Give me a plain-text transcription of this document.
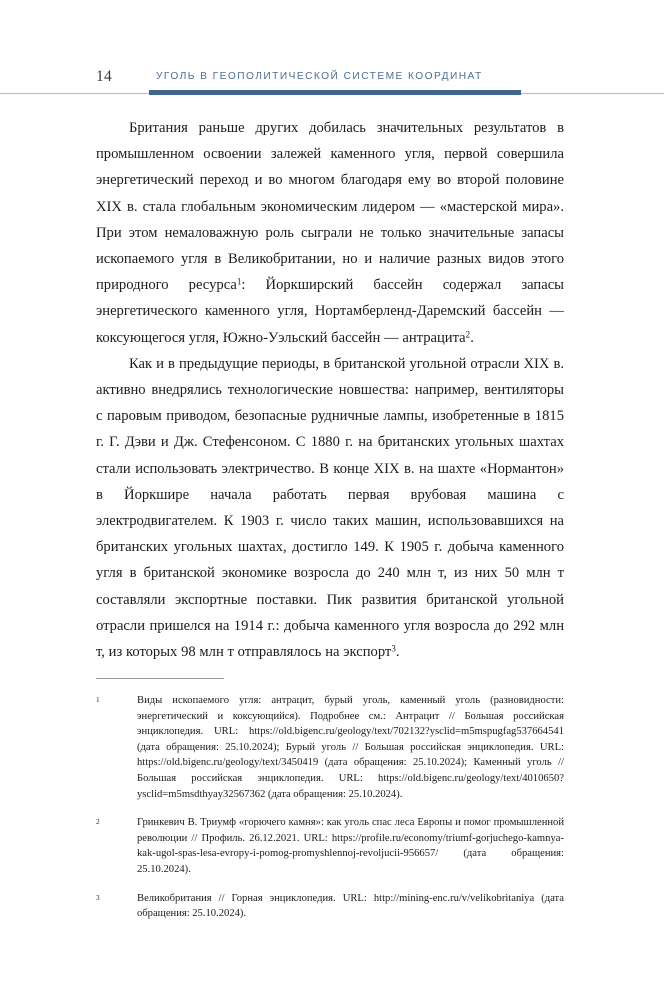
14	УГОЛЬ В ГЕОПОЛИТИЧЕСКОЙ СИСТЕМЕ КООРДИНАТ

Британия раньше других добилась значительных результатов в промышленном освоении залежей каменного угля, первой совершила энергетический переход и во многом благодаря ему во второй половине XIX в. стала глобальным экономическим лидером — «мастерской мира». При этом немаловажную роль сыграли не только значительные запасы ископаемого угля в Великобритании, но и наличие разных видов этого природного ресурса$^1$: Йоркширский бассейн содержал запасы энергетического каменного угля, Нортамберленд-Даремский бассейн — коксующегося угля, Южно-Уэльский бассейн — антрацита$^2$.

Как и в предыдущие периоды, в британской угольной отрасли XIX в. активно внедрялись технологические новшества: например, вентиляторы с паровым приводом, безопасные рудничные лампы, изобретенные в 1815 г. Г. Дэви и Дж. Стефенсоном. С 1880 г. на британских угольных шахтах стали использовать электричество. В конце XIX в. на шахте «Нормантон» в Йоркшире начала работать первая врубовая машина с электродвигателем. К 1903 г. число таких машин, использовавшихся на британских угольных шахтах, достигло 149. К 1905 г. добыча каменного угля в британской экономике возросла до 240 млн т, из них 50 млн т составляли экспортные поставки. Пик развития британской угольной отрасли пришелся на 1914 г.: добыча каменного угля возросла до 292 млн т, из которых 98 млн т отправлялось на экспорт$^3$.

1	Виды ископаемого угля: антрацит, бурый уголь, каменный уголь (разновидности: энергетический и коксующийся). Подробнее см.: Антрацит // Большая российская энциклопедия. URL: https://old.bigenc.ru/geology/text/702132?ysclid=m5mspugfag537664541 (дата обращения: 25.10.2024); Бурый уголь // Большая российская энциклопедия. URL: https://old.bigenc.ru/geology/text/3450419 (дата обращения: 25.10.2024); Каменный уголь // Большая российская энциклопедия. URL: https://old.bigenc.ru/geology/text/4010650?ysclid=m5msdthyay32567362 (дата обращения: 25.10.2024).
2	Гринкевич В. Триумф «горючего камня»: как уголь спас леса Европы и помог промышленной революции // Профиль. 26.12.2021. URL: https://profile.ru/economy/triumf-gorjuchego-kamnya-kak-ugol-spas-lesa-evropy-i-pomog-promyshlennoj-revoljucii-956657/ (дата обращения: 25.10.2024).
3	Великобритания // Горная энциклопедия. URL: http://mining-enc.ru/v/velikobritaniya (дата обращения: 25.10.2024).
